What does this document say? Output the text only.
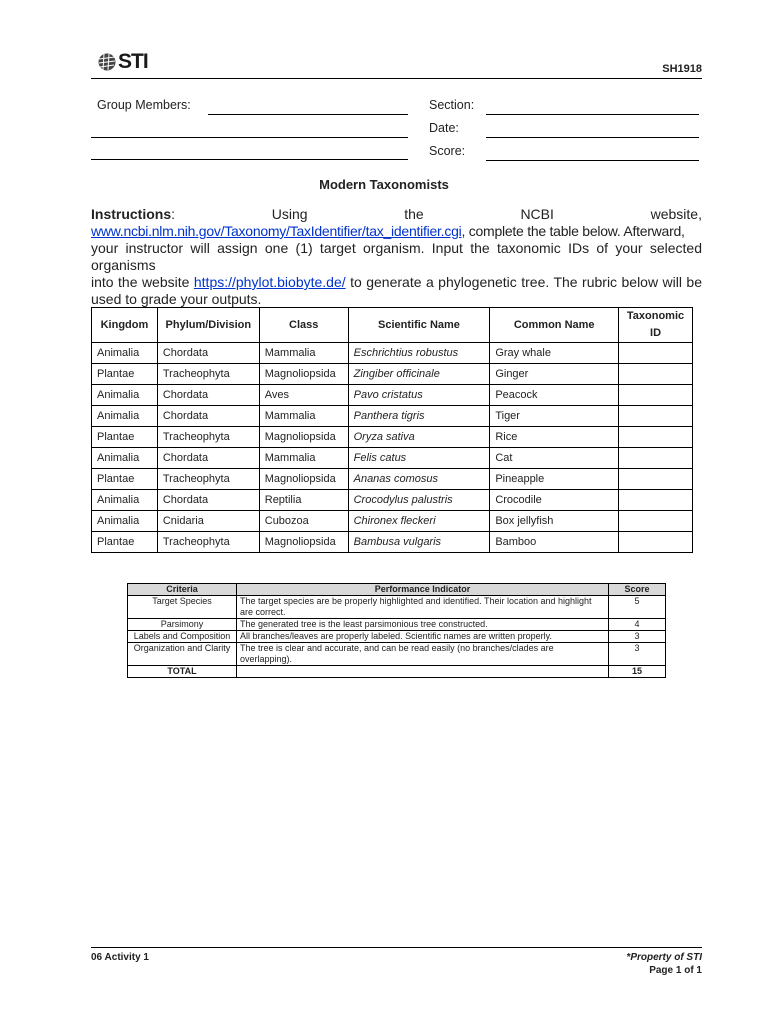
STI	SH1918
Group Members:	Section:
Date:
Score:
Modern Taxonomists
Instructions:	Using	the	NCBI	website,
www.ncbi.nlm.nih.gov/Taxonomy/TaxIdentifier/tax_identifier.cgi, complete the table below. Afterward,
your instructor will assign one (1) target organism. Input the taxonomic IDs of your selected organisms
into the website https://phylot.biobyte.de/ to generate a phylogenetic tree. The rubric below will be
used to grade your outputs.
Kingdom	Phylum/Division	Class	Scientific Name	Common Name	Taxonomic ID
Animalia	Chordata	Mammalia	Eschrichtius robustus	Gray whale	
Plantae	Tracheophyta	Magnoliopsida	Zingiber officinale	Ginger	
Animalia	Chordata	Aves	Pavo cristatus	Peacock	
Animalia	Chordata	Mammalia	Panthera tigris	Tiger	
Plantae	Tracheophyta	Magnoliopsida	Oryza sativa	Rice	
Animalia	Chordata	Mammalia	Felis catus	Cat	
Plantae	Tracheophyta	Magnoliopsida	Ananas comosus	Pineapple	
Animalia	Chordata	Reptilia	Crocodylus palustris	Crocodile	
Animalia	Cnidaria	Cubozoa	Chironex fleckeri	Box jellyfish	
Plantae	Tracheophyta	Magnoliopsida	Bambusa vulgaris	Bamboo	
Criteria	Performance Indicator	Score
Target Species	The target species are be properly highlighted and identified. Their location and highlight are correct.	5
Parsimony	The generated tree is the least parsimonious tree constructed.	4
Labels and Composition	All branches/leaves are properly labeled. Scientific names are written properly.	3
Organization and Clarity	The tree is clear and accurate, and can be read easily (no branches/clades are overlapping).	3
TOTAL		15
06 Activity 1	*Property of STI
Page 1 of 1
